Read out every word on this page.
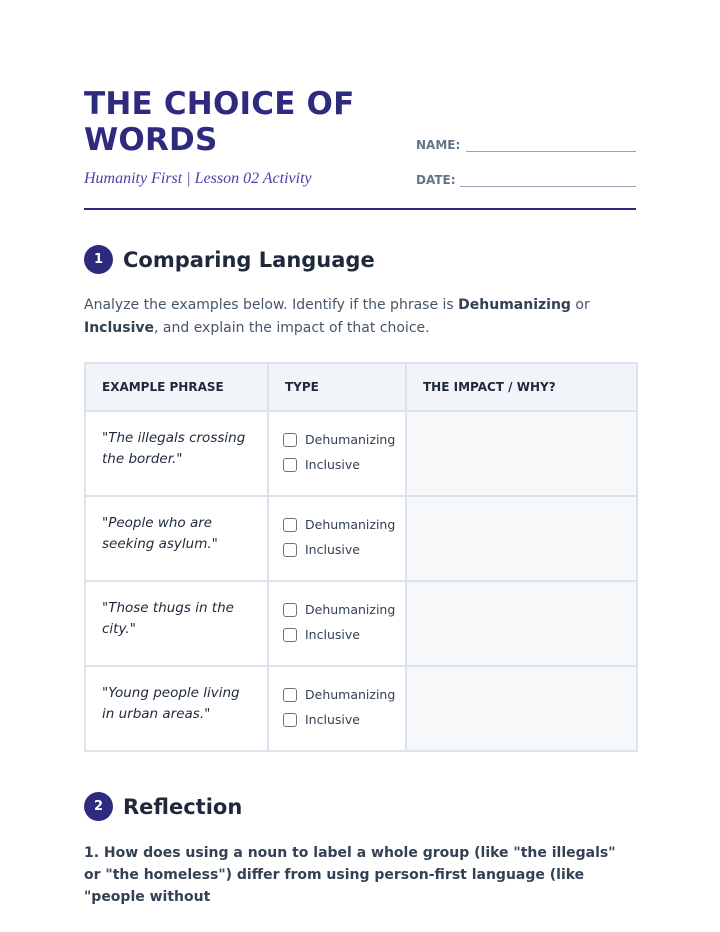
THE CHOICE OF WORDS
Humanity First | Lesson 02 Activity
NAME:
DATE:
1 Comparing Language
Analyze the examples below. Identify if the phrase is Dehumanizing or Inclusive, and explain the impact of that choice.
EXAMPLE PHRASE	TYPE	THE IMPACT / WHY?
"The illegals crossing the border."	Dehumanizing
Inclusive	

"People who are seeking asylum."	Dehumanizing
Inclusive	

"Those thugs in the city."	Dehumanizing
Inclusive	

"Young people living in urban areas."	Dehumanizing
Inclusive	

2 Reflection
1. How does using a noun to label a whole group (like "the illegals" or "the homeless") differ from using person-first language (like "people without
